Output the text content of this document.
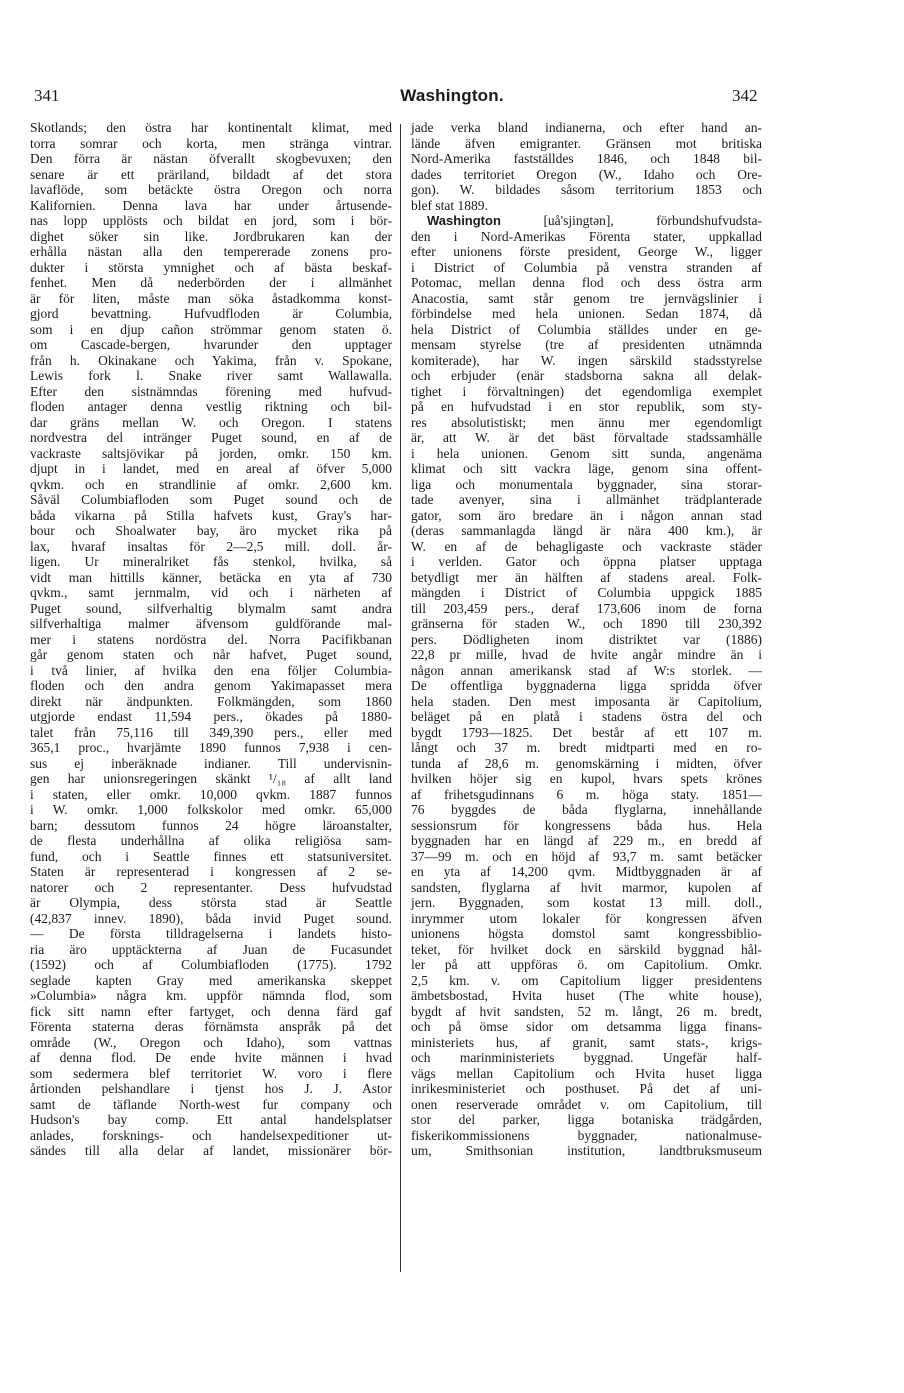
341	Washington.	342
Skotlands; den östra har kontinentalt klimat, med
torra somrar och korta, men stränga vintrar.
Den förra är nästan öfverallt skogbevuxen; den
senare är ett präriland, bildadt af det stora
lavaflöde, som betäckte östra Oregon och norra
Kalifornien. Denna lava har under årtusende-
nas lopp upplösts och bildat en jord, som i bör-
dighet söker sin like. Jordbrukaren kan der
erhålla nästan alla den tempererade zonens pro-
dukter i största ymnighet och af bästa beskaf-
fenhet. Men då nederbörden der i allmänhet
är för liten, måste man söka åstadkomma konst-
gjord bevattning. Hufvudfloden är Columbia,
som i en djup cañon strömmar genom staten ö.
om Cascade-bergen, hvarunder den upptager
från h. Okinakane och Yakima, från v. Spokane,
Lewis fork l. Snake river samt Wallawalla.
Efter den sistnämndas förening med hufvud-
floden antager denna vestlig riktning och bil-
dar gräns mellan W. och Oregon. I statens
nordvestra del intränger Puget sound, en af de
vackraste saltsjövikar på jorden, omkr. 150 km.
djupt in i landet, med en areal af öfver 5,000
qvkm. och en strandlinie af omkr. 2,600 km.
Såväl Columbiafloden som Puget sound och de
båda vikarna på Stilla hafvets kust, Gray's har-
bour och Shoalwater bay, äro mycket rika på
lax, hvaraf insaltas för 2—2,5 mill. doll. år-
ligen. Ur mineralriket fås stenkol, hvilka, så
vidt man hittills känner, betäcka en yta af 730
qvkm., samt jernmalm, vid och i närheten af
Puget sound, silfverhaltig blymalm samt andra
silfverhaltiga malmer äfvensom guldförande mal-
mer i statens nordöstra del. Norra Pacifikbanan
går genom staten och når hafvet, Puget sound,
i två linier, af hvilka den ena följer Columbia-
floden och den andra genom Yakimapasset mera
direkt när ändpunkten. Folkmängden, som 1860
utgjorde endast 11,594 pers., ökades på 1880-
talet från 75,116 till 349,390 pers., eller med
365,1 proc., hvarjämte 1890 funnos 7,938 i cen-
sus ej inberäknade indianer. Till undervisnin-
gen har unionsregeringen skänkt ¹/₁₈ af allt land
i staten, eller omkr. 10,000 qvkm. 1887 funnos
i W. omkr. 1,000 folkskolor med omkr. 65,000
barn; dessutom funnos 24 högre läroanstalter,
de flesta underhållna af olika religiösa sam-
fund, och i Seattle finnes ett statsuniversitet.
Staten är representerad i kongressen af 2 se-
natorer och 2 representanter. Dess hufvudstad
är Olympia, dess största stad är Seattle
(42,837 innev. 1890), båda invid Puget sound.
— De första tilldragelserna i landets histo-
ria äro upptäckterna af Juan de Fucasundet
(1592) och af Columbiafloden (1775). 1792
seglade kapten Gray med amerikanska skeppet
»Columbia» några km. uppför nämnda flod, som
fick sitt namn efter fartyget, och denna färd gaf
Förenta staterna deras förnämsta anspråk på det
område (W., Oregon och Idaho), som vattnas
af denna flod. De ende hvite männen i hvad
som sedermera blef territoriet W. voro i flere
årtionden pelshandlare i tjenst hos J. J. Astor
samt de täflande North-west fur company och
Hudson's bay comp. Ett antal handelsplatser
anlades, forsknings- och handelsexpeditioner ut-
sändes till alla delar af landet, missionärer bör-
jade verka bland indianerna, och efter hand an-
lände äfven emigranter. Gränsen mot britiska
Nord-Amerika fastställdes 1846, och 1848 bil-
dades territoriet Oregon (W., Idaho och Ore-
gon). W. bildades såsom territorium 1853 och
blef stat 1889.
Washington	[uå'sjingtən], förbundshufvudsta-
den i Nord-Amerikas Förenta stater, uppkallad
efter unionens förste president, George W., ligger
i District of Columbia på venstra stranden af
Potomac, mellan denna flod och dess östra arm
Anacostia, samt står genom tre jernvägslinier i
förbindelse med hela unionen. Sedan 1874, då
hela District of Columbia ställdes under en ge-
mensam styrelse (tre af presidenten utnämnda
komiterade), har W. ingen särskild stadsstyrelse
och erbjuder (enär stadsborna sakna all delak-
tighet i förvaltningen) det egendomliga exemplet
på en hufvudstad i en stor republik, som sty-
res absolutistiskt; men ännu mer egendomligt
är, att W. är det bäst förvaltade stadssamhälle
i hela unionen. Genom sitt sunda, angenäma
klimat och sitt vackra läge, genom sina offent-
liga och monumentala byggnader, sina storar-
tade avenyer, sina i allmänhet trädplanterade
gator, som äro bredare än i någon annan stad
(deras sammanlagda längd är nära 400 km.), är
W. en af de behagligaste och vackraste städer
i verlden. Gator och öppna platser upptaga
betydligt mer än hälften af stadens areal. Folk-
mängden i District of Columbia uppgick 1885
till 203,459 pers., deraf 173,606 inom de forna
gränserna för staden W., och 1890 till 230,392
pers. Dödligheten inom distriktet var (1886)
22,8 pr mille, hvad de hvite angår mindre än i
någon annan amerikansk stad af W:s storlek. —
De offentliga byggnaderna ligga spridda öfver
hela staden. Den mest imposanta är Capitolium,
beläget på en platå i stadens östra del och
bygdt 1793—1825. Det består af ett 107 m.
långt och 37 m. bredt midtparti med en ro-
tunda af 28,6 m. genomskärning i midten, öfver
hvilken höjer sig en kupol, hvars spets krönes
af frihetsgudinnans 6 m. höga staty. 1851—
76 byggdes de båda flyglarna, innehållande
sessionsrum för kongressens båda hus. Hela
byggnaden har en längd af 229 m., en bredd af
37—99 m. och en höjd af 93,7 m. samt betäcker
en yta af 14,200 qvm. Midtbyggnaden är af
sandsten, flyglarna af hvit marmor, kupolen af
jern. Byggnaden, som kostat 13 mill. doll.,
inrymmer utom lokaler för kongressen äfven
unionens högsta domstol samt kongressbiblio-
teket, för hvilket dock en särskild byggnad hål-
ler på att uppföras ö. om Capitolium. Omkr.
2,5 km. v. om Capitolium ligger presidentens
ämbetsbostad, Hvita huset (The white house),
bygdt af hvit sandsten, 52 m. långt, 26 m. bredt,
och på ömse sidor om detsamma ligga finans-
ministeriets hus, af granit, samt stats-, krigs-
och marinministeriets byggnad. Ungefär half-
vägs mellan Capitolium och Hvita huset ligga
inrikesministeriet och posthuset. På det af uni-
onen reserverade området v. om Capitolium, till
stor del parker, ligga botaniska trädgården,
fiskerikommissionens byggnader, nationalmuse-
um, Smithsonian institution, landtbruksmuseum
